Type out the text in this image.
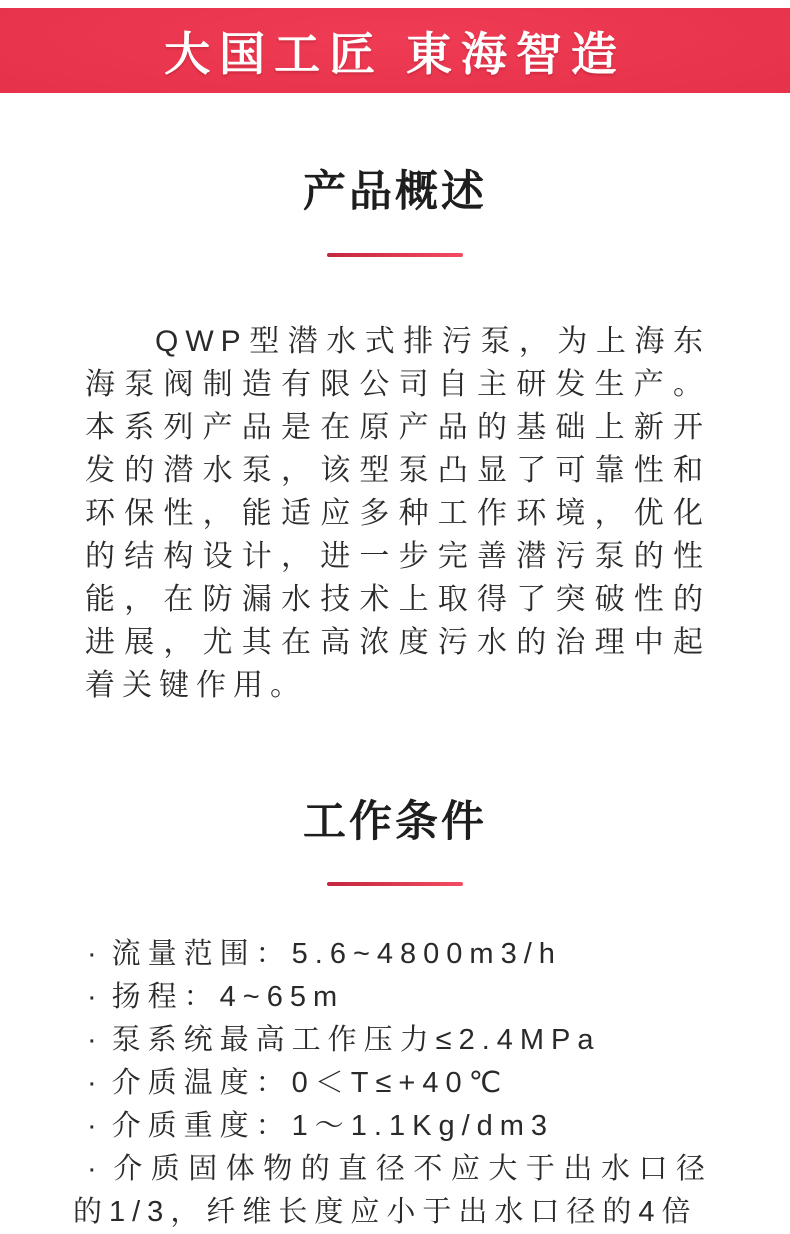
大国工匠 東海智造
产品概述

QWP型潜水式排污泵，为上海东海泵阀制造有限公司自主研发生产。本系列产品是在原产品的基础上新开发的潜水泵，该型泵凸显了可靠性和环保性，能适应多种工作环境，优化的结构设计，进一步完善潜污泵的性能，在防漏水技术上取得了突破性的进展，尤其在高浓度污水的治理中起着关键作用。

工作条件
· 流量范围：5.6~4800m3/h
· 扬程：4~65m
· 泵系统最高工作压力≤2.4MPa
· 介质温度：0＜T≤+40℃
· 介质重度：1～1.1Kg/dm3
· 介质固体物的直径不应大于出水口径的1/3，纤维长度应小于出水口径的4倍
